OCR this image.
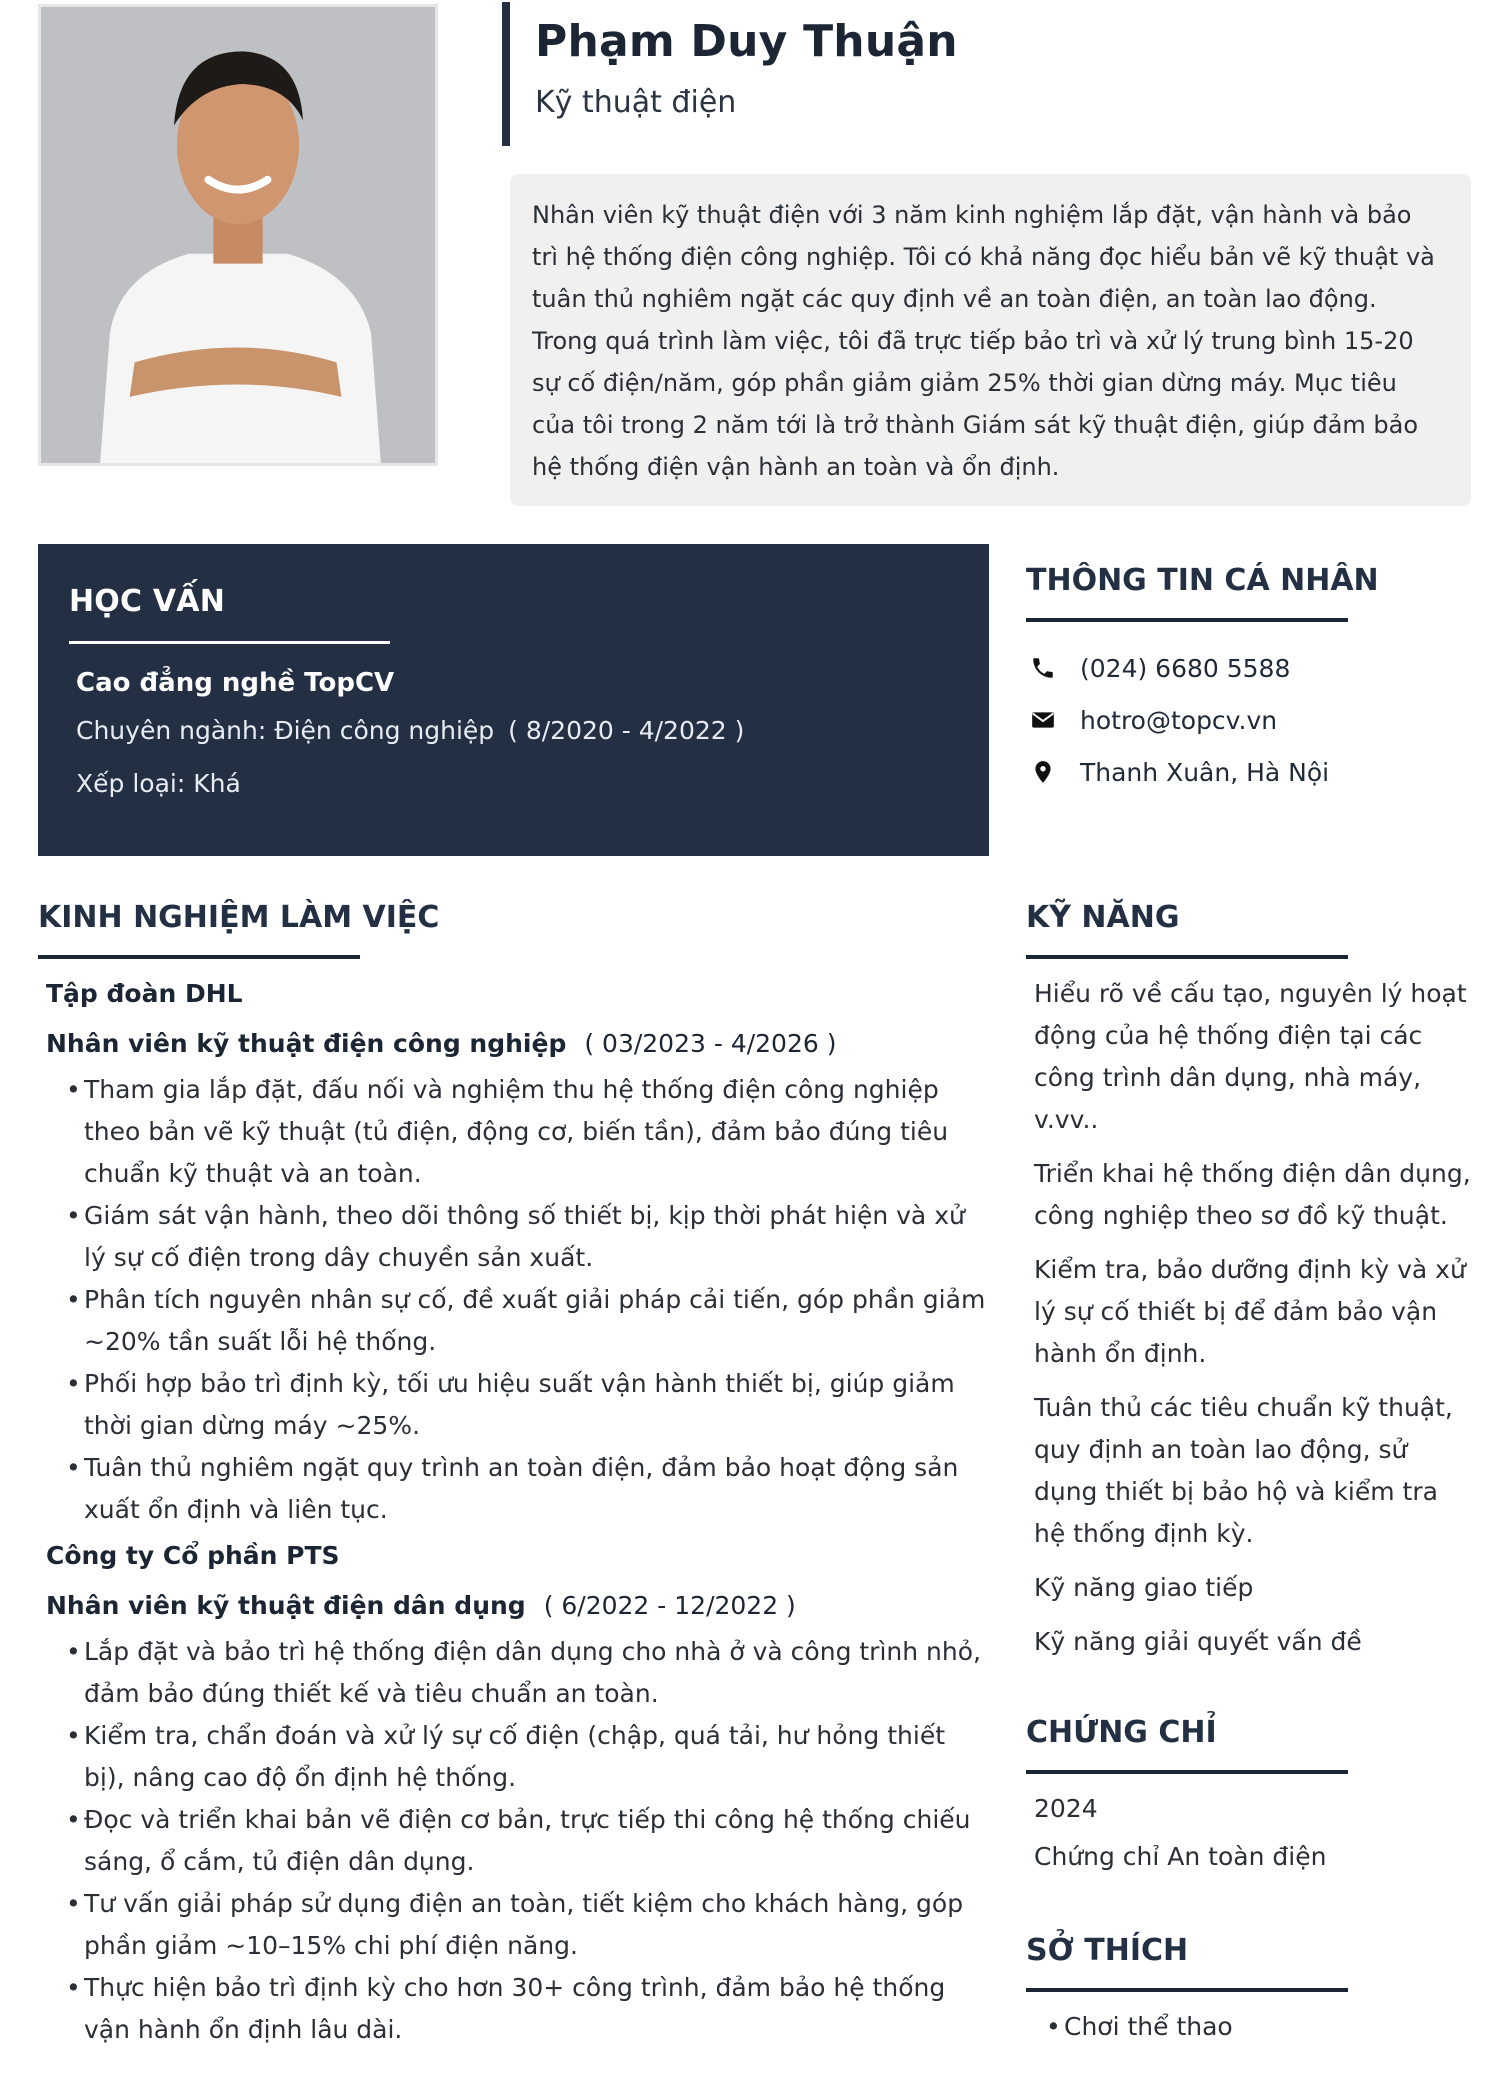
Phạm Duy Thuận
Kỹ thuật điện
Nhân viên kỹ thuật điện với 3 năm kinh nghiệm lắp đặt, vận hành và bảo trì hệ thống điện công nghiệp. Tôi có khả năng đọc hiểu bản vẽ kỹ thuật và tuân thủ nghiêm ngặt các quy định về an toàn điện, an toàn lao động. Trong quá trình làm việc, tôi đã trực tiếp bảo trì và xử lý trung bình 15-20 sự cố điện/năm, góp phần giảm giảm 25% thời gian dừng máy. Mục tiêu của tôi trong 2 năm tới là trở thành Giám sát kỹ thuật điện, giúp đảm bảo hệ thống điện vận hành an toàn và ổn định.
HỌC VẤN
Cao đẳng nghề TopCV
Chuyên ngành: Điện công nghiệp ( 8/2020 - 4/2022 )
Xếp loại: Khá
THÔNG TIN CÁ NHÂN
(024) 6680 5588
hotro@topcv.vn
Thanh Xuân, Hà Nội
KINH NGHIỆM LÀM VIỆC
Tập đoàn DHL
Nhân viên kỹ thuật điện công nghiệp ( 03/2023 - 4/2026 )
• Tham gia lắp đặt, đấu nối và nghiệm thu hệ thống điện công nghiệp theo bản vẽ kỹ thuật (tủ điện, động cơ, biến tần), đảm bảo đúng tiêu chuẩn kỹ thuật và an toàn.
• Giám sát vận hành, theo dõi thông số thiết bị, kịp thời phát hiện và xử lý sự cố điện trong dây chuyền sản xuất.
• Phân tích nguyên nhân sự cố, đề xuất giải pháp cải tiến, góp phần giảm ~20% tần suất lỗi hệ thống.
• Phối hợp bảo trì định kỳ, tối ưu hiệu suất vận hành thiết bị, giúp giảm thời gian dừng máy ~25%.
• Tuân thủ nghiêm ngặt quy trình an toàn điện, đảm bảo hoạt động sản xuất ổn định và liên tục.
Công ty Cổ phần PTS
Nhân viên kỹ thuật điện dân dụng ( 6/2022 - 12/2022 )
• Lắp đặt và bảo trì hệ thống điện dân dụng cho nhà ở và công trình nhỏ, đảm bảo đúng thiết kế và tiêu chuẩn an toàn.
• Kiểm tra, chẩn đoán và xử lý sự cố điện (chập, quá tải, hư hỏng thiết bị), nâng cao độ ổn định hệ thống.
• Đọc và triển khai bản vẽ điện cơ bản, trực tiếp thi công hệ thống chiếu sáng, ổ cắm, tủ điện dân dụng.
• Tư vấn giải pháp sử dụng điện an toàn, tiết kiệm cho khách hàng, góp phần giảm ~10–15% chi phí điện năng.
• Thực hiện bảo trì định kỳ cho hơn 30+ công trình, đảm bảo hệ thống vận hành ổn định lâu dài.
KỸ NĂNG

Hiểu rõ về cấu tạo, nguyên lý hoạt động của hệ thống điện tại các công trình dân dụng, nhà máy, v.vv..

Triển khai hệ thống điện dân dụng, công nghiệp theo sơ đồ kỹ thuật.

Kiểm tra, bảo dưỡng định kỳ và xử lý sự cố thiết bị để đảm bảo vận hành ổn định.

Tuân thủ các tiêu chuẩn kỹ thuật, quy định an toàn lao động, sử dụng thiết bị bảo hộ và kiểm tra hệ thống định kỳ.

Kỹ năng giao tiếp

Kỹ năng giải quyết vấn đề

CHỨNG CHỈ
2024
Chứng chỉ An toàn điện
SỞ THÍCH
• Chơi thể thao
